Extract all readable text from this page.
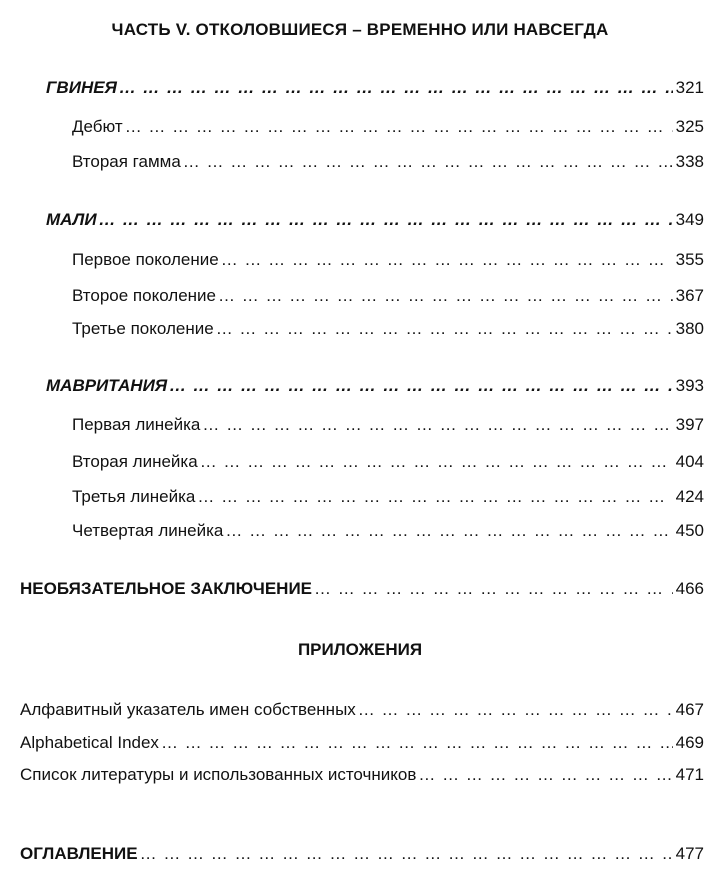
ЧАСТЬ V. ОТКОЛОВШИЕСЯ – ВРЕМЕННО ИЛИ НАВСЕГДА
ГВИНЕЯ … … … … … … … … … … … … … … … … … … … … … … … … … … … … … … … … … … … … … … … … … … … … … … … … … … … … … … … … … …	321
Дебют … … … … … … … … … … … … … … … … … … … … … … … … … … … … … … … … … … … … … … … … … … … … … … … … … … … … … … … … … …	325
Вторая гамма … … … … … … … … … … … … … … … … … … … … … … … … … … … … … … … … … … … … … … … … … … … … … … … … … … … … … … … … … …	338
МАЛИ … … … … … … … … … … … … … … … … … … … … … … … … … … … … … … … … … … … … … … … … … … … … … … … … … … … … … … … … … …	349
Первое поколение … … … … … … … … … … … … … … … … … … … … … … … … … … … … … … … … … … … … … … … … … … … … … … … … … … … … … … … … … …	355
Второе поколение … … … … … … … … … … … … … … … … … … … … … … … … … … … … … … … … … … … … … … … … … … … … … … … … … … … … … … … … … …	367
Третье поколение … … … … … … … … … … … … … … … … … … … … … … … … … … … … … … … … … … … … … … … … … … … … … … … … … … … … … … … … … …	380
МАВРИТАНИЯ … … … … … … … … … … … … … … … … … … … … … … … … … … … … … … … … … … … … … … … … … … … … … … … … … … … … … … … … … …	393
Первая линейка … … … … … … … … … … … … … … … … … … … … … … … … … … … … … … … … … … … … … … … … … … … … … … … … … … … … … … … … … …	397
Вторая линейка … … … … … … … … … … … … … … … … … … … … … … … … … … … … … … … … … … … … … … … … … … … … … … … … … … … … … … … … … …	404
Третья линейка … … … … … … … … … … … … … … … … … … … … … … … … … … … … … … … … … … … … … … … … … … … … … … … … … … … … … … … … … …	424
Четвертая линейка … … … … … … … … … … … … … … … … … … … … … … … … … … … … … … … … … … … … … … … … … … … … … … … … … … … … … … … … … …	450
НЕОБЯЗАТЕЛЬНОЕ ЗАКЛЮЧЕНИЕ … … … … … … … … … … … … … … … … … … … … … … … … … … … … … … … … … … … … … … … … … … … … … … … … … … … … … … … … … …	466
ПРИЛОЖЕНИЯ
Алфавитный указатель имен собственных … … … … … … … … … … … … … … … … … … … … … … … … … … … … … … … … … … … … … … … … … … … … … … … … … … … … … … … … … …	467
Alphabetical Index … … … … … … … … … … … … … … … … … … … … … … … … … … … … … … … … … … … … … … … … … … … … … … … … … … … … … … … … … …	469
Список литературы и использованных источников … … … … … … … … … … … … … … … … … … … … … … … … … … … … … … … … … … … … … … … … … … … … … … … … … … … … … … … … … …	471
ОГЛАВЛЕНИЕ … … … … … … … … … … … … … … … … … … … … … … … … … … … … … … … … … … … … … … … … … … … … … … … … … … … … … … … … … …	477
